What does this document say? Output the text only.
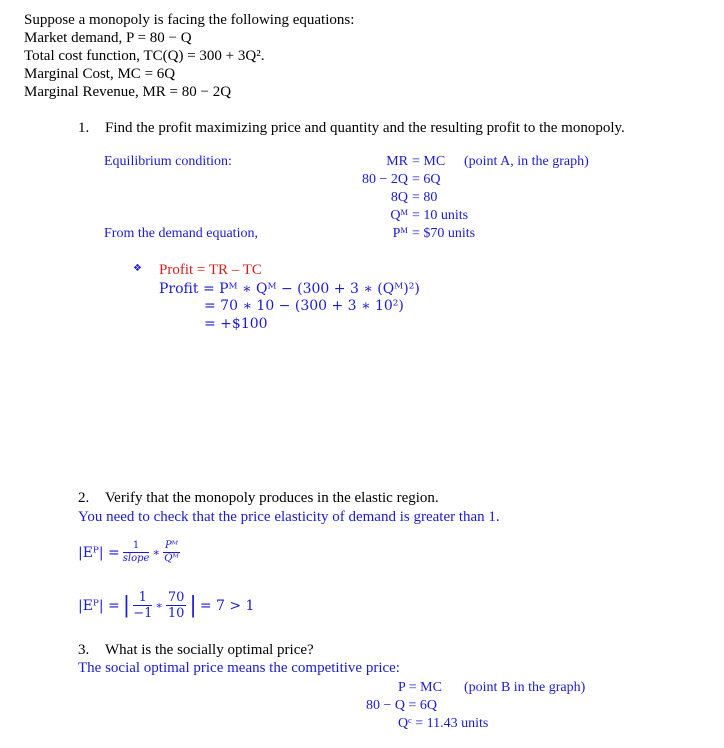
Suppose a monopoly is facing the following equations:
Market demand, P = 80 − Q
Total cost function, TC(Q) = 300 + 3Q².
Marginal Cost, MC = 6Q
Marginal Revenue, MR = 80 − 2Q
1. Find the profit maximizing price and quantity and the resulting profit to the monopoly.
Equilibrium condition:	MR = MC (point A, in the graph)
80 − 2Q = 6Q
8Q = 80
Qᴹ = 10 units
From the demand equation,	Pᴹ = $70 units
❖ Profit = TR – TC
Profit = Pᴹ ∗ Qᴹ − (300 + 3 ∗ (Qᴹ)²)
= 70 ∗ 10 − (300 + 3 ∗ 10²)
= +$100
2. Verify that the monopoly produces in the elastic region.
You need to check that the price elasticity of demand is greater than 1.
|Eᴾ| = $\frac{1}{\text{slope}}$ ∗ $\frac{\text{Pᴹ}}{\text{Qᴹ}}$
|Eᴾ| = | $\frac{1}{-1}$ ∗ $\frac{70}{10}$ | = 7 > 1
3. What is the socially optimal price?
The social optimal price means the competitive price:
P = MC (point B in the graph)
80 − Q = 6Q
Qᶜ = 11.43 units
